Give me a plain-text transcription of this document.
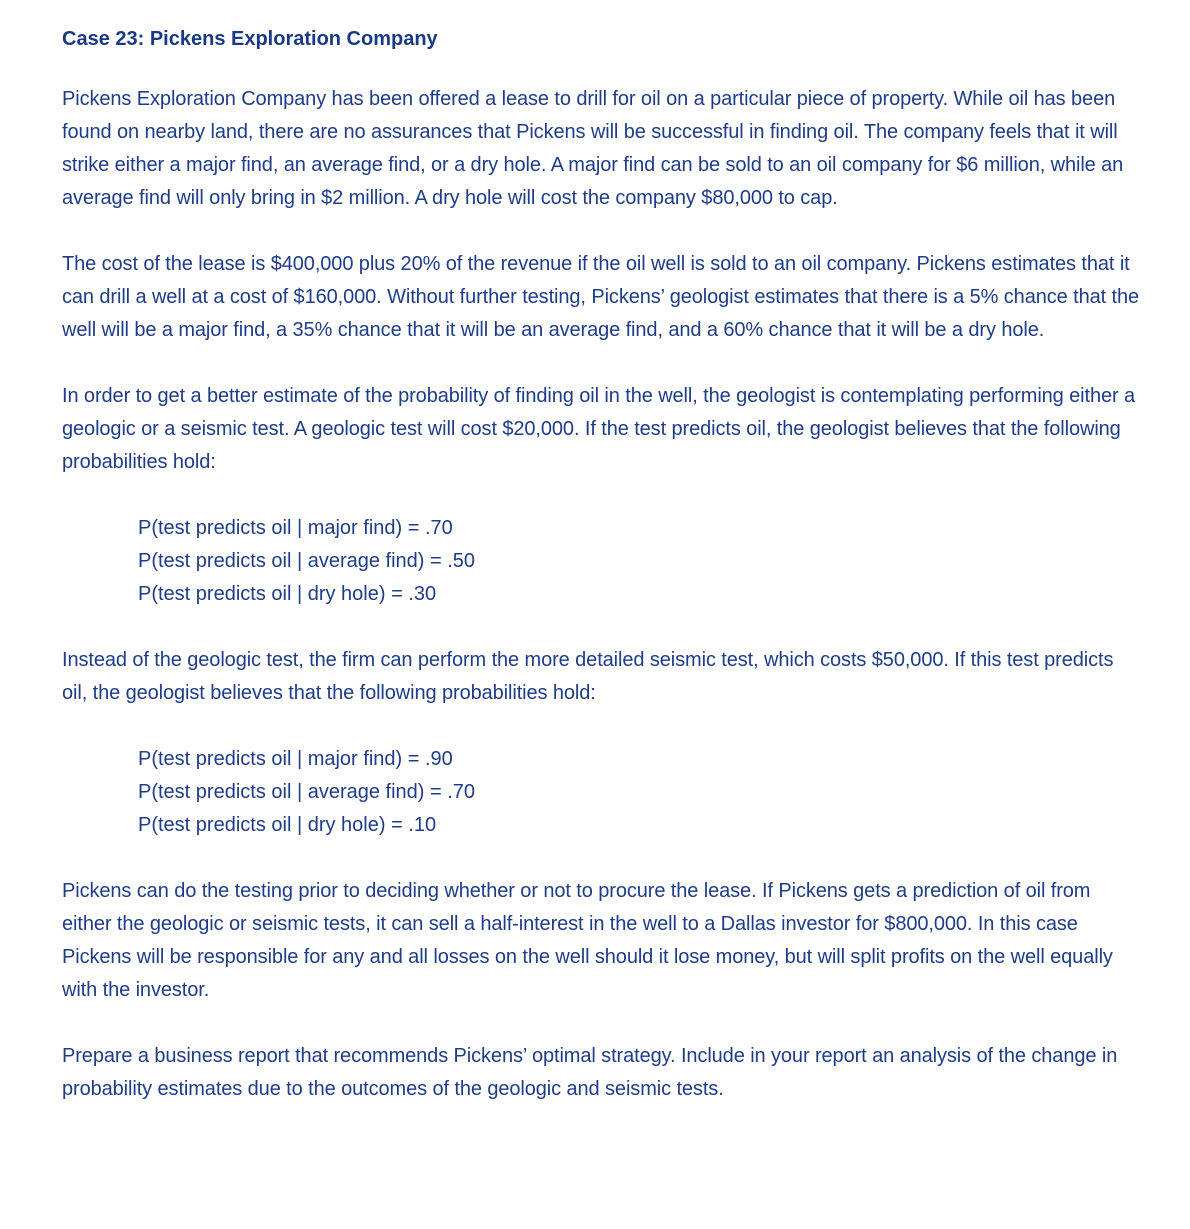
Case 23: Pickens Exploration Company

Pickens Exploration Company has been offered a lease to drill for oil on a particular piece of property. While oil has been found on nearby land, there are no assurances that Pickens will be successful in finding oil. The company feels that it will strike either a major find, an average find, or a dry hole. A major find can be sold to an oil company for $6 million, while an average find will only bring in $2 million. A dry hole will cost the company $80,000 to cap.

The cost of the lease is $400,000 plus 20% of the revenue if the oil well is sold to an oil company. Pickens estimates that it can drill a well at a cost of $160,000. Without further testing, Pickens’ geologist estimates that there is a 5% chance that the well will be a major find, a 35% chance that it will be an average find, and a 60% chance that it will be a dry hole.

In order to get a better estimate of the probability of finding oil in the well, the geologist is contemplating performing either a geologic or a seismic test. A geologic test will cost $20,000. If the test predicts oil, the geologist believes that the following probabilities hold:

P(test predicts oil | major find) = .70
P(test predicts oil | average find) = .50
P(test predicts oil | dry hole) = .30

Instead of the geologic test, the firm can perform the more detailed seismic test, which costs $50,000. If this test predicts oil, the geologist believes that the following probabilities hold:

P(test predicts oil | major find) = .90
P(test predicts oil | average find) = .70
P(test predicts oil | dry hole) = .10

Pickens can do the testing prior to deciding whether or not to procure the lease. If Pickens gets a prediction of oil from either the geologic or seismic tests, it can sell a half-interest in the well to a Dallas investor for $800,000. In this case Pickens will be responsible for any and all losses on the well should it lose money, but will split profits on the well equally with the investor.

Prepare a business report that recommends Pickens’ optimal strategy. Include in your report an analysis of the change in probability estimates due to the outcomes of the geologic and seismic tests.
